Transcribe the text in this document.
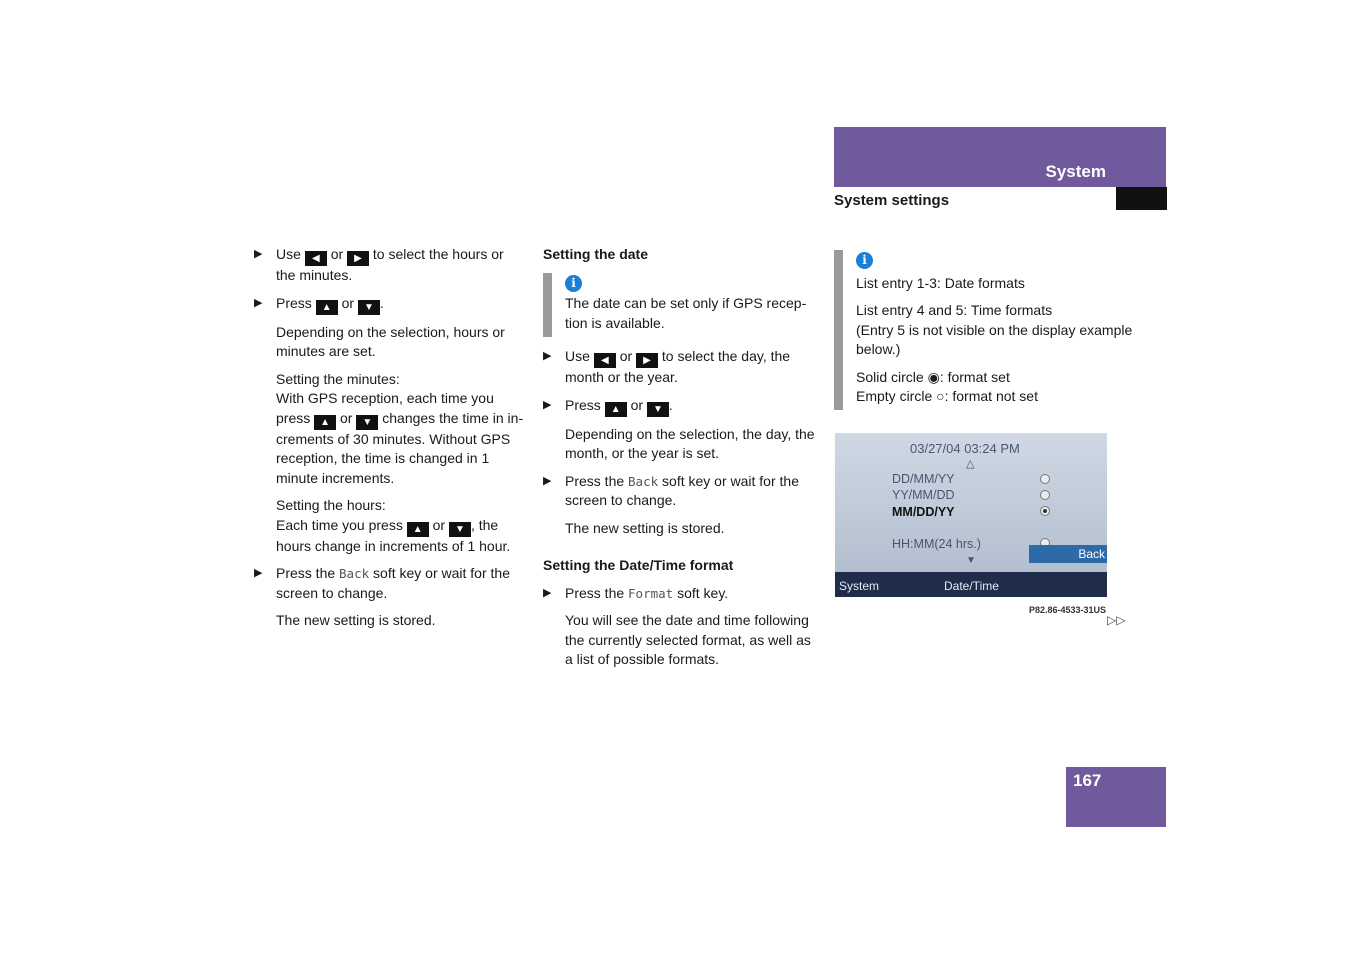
System
System settings
▶ Use ◀ or ▶ to select the hours or the minutes.
▶ Press ▲ or ▼ .

Depending on the selection, hours or minutes are set.

Setting the minutes:
With GPS reception, each time you press ▲ or ▼ changes the time in increments of 30 minutes. Without GPS reception, the time is changed in 1 minute increments.
Setting the hours:
Each time you press ▲ or ▼ , the hours change in increments of 1 hour.
▶ Press the Back soft key or wait for the screen to change.

The new setting is stored.

Setting the date

i

The date can be set only if GPS reception is available.

▶ Use ◀ or ▶ to select the day, the month or the year.
▶ Press ▲ or ▼ .

Depending on the selection, the day, the month, or the year is set.

▶ Press the Back soft key or wait for the screen to change.

The new setting is stored.

Setting the Date/Time format

▶ Press the Format soft key.

You will see the date and time following the currently selected format, as well as a list of possible formats.

i

List entry 1-3: Date formats

List entry 4 and 5: Time formats

(Entry 5 is not visible on the display example below.)

Solid circle ◉: format set
Empty circle ○: format not set
03/27/04 03:24 PM
△
DD/MM/YY
YY/MM/DD
MM/DD/YY
HH:MM(24 hrs.)
Back
▼
System	Date/Time
P82.86-4533-31US
▷▷
167
